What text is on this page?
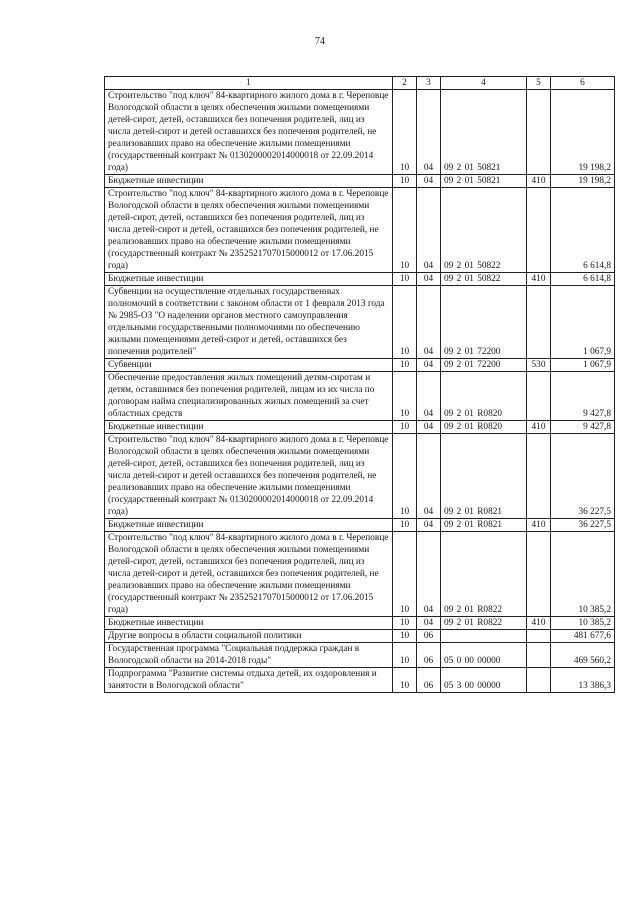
74
1	2	3	4	5	6
Строительство "под ключ" 84-квартирного жилого дома в г. Череповце Вологодской области в целях обеспечения жилыми помещениями детей-сирот, детей, оставшихся без попечения родителей, лиц из числа детей-сирот и детей оставшихся без попечения родителей, не реализовавших право на обеспечение жилыми помещениями (государственный контракт № 0130200002014000018 от 22.09.2014 года)	10	04	09 2 01 50821		19 198,2
Бюджетные инвестиции	10	04	09 2 01 50821	410	19 198,2
Строительство "под ключ" 84-квартирного жилого дома в г. Череповце Вологодской области в целях обеспечения жилыми помещениями детей-сирот, детей, оставшихся без попечения родителей, лиц из числа детей-сирот и детей, оставшихся без попечения родителей, не реализовавших право на обеспечение жилыми помещениями (государственный контракт № 2352521707015000012 от 17.06.2015 года)	10	04	09 2 01 50822		6 614,8
Бюджетные инвестиции	10	04	09 2 01 50822	410	6 614,8
Субвенции на осуществление отдельных государственных полномочий в соответствии с законом области от 1 февраля 2013 года № 2985-ОЗ "О наделении органов местного самоуправления отдельными государственными полномочиями по обеспечению жилыми помещениями детей-сирот и детей, оставшихся без попечения родителей"	10	04	09 2 01 72200		1 067,9
Субвенции	10	04	09 2 01 72200	530	1 067,9
Обеспечение предоставления жилых помещений детям-сиротам и детям, оставшимся без попечения родителей, лицам из их числа по договорам найма специализированных жилых помещений за счет областных средств	10	04	09 2 01 R0820		9 427,8
Бюджетные инвестиции	10	04	09 2 01 R0820	410	9 427,8
Строительство "под ключ" 84-квартирного жилого дома в г. Череповце Вологодской области в целях обеспечения жилыми помещениями детей-сирот, детей, оставшихся без попечения родителей, лиц из числа детей-сирот и детей оставшихся без попечения родителей, не реализовавших право на обеспечение жилыми помещениями (государственный контракт № 0130200002014000018 от 22.09.2014 года)	10	04	09 2 01 R0821		36 227,5
Бюджетные инвестиции	10	04	09 2 01 R0821	410	36 227,5
Строительство "под ключ" 84-квартирного жилого дома в г. Череповце Вологодской области в целях обеспечения жилыми помещениями детей-сирот, детей, оставшихся без попечения родителей, лиц из числа детей-сирот и детей, оставшихся без попечения родителей, не реализовавших право на обеспечение жилыми помещениями (государственный контракт № 2352521707015000012 от 17.06.2015 года)	10	04	09 2 01 R0822		10 385,2
Бюджетные инвестиции	10	04	09 2 01 R0822	410	10 385,2
Другие вопросы в области социальной политики	10	06			481 677,6
Государственная программа "Социальная поддержка граждан в Вологодской области на 2014-2018 годы"	10	06	05 0 00 00000		469 560,2
Подпрограмма "Развитие системы отдыха детей, их оздоровления и занятости в Вологодской области"	10	06	05 3 00 00000		13 386,3
